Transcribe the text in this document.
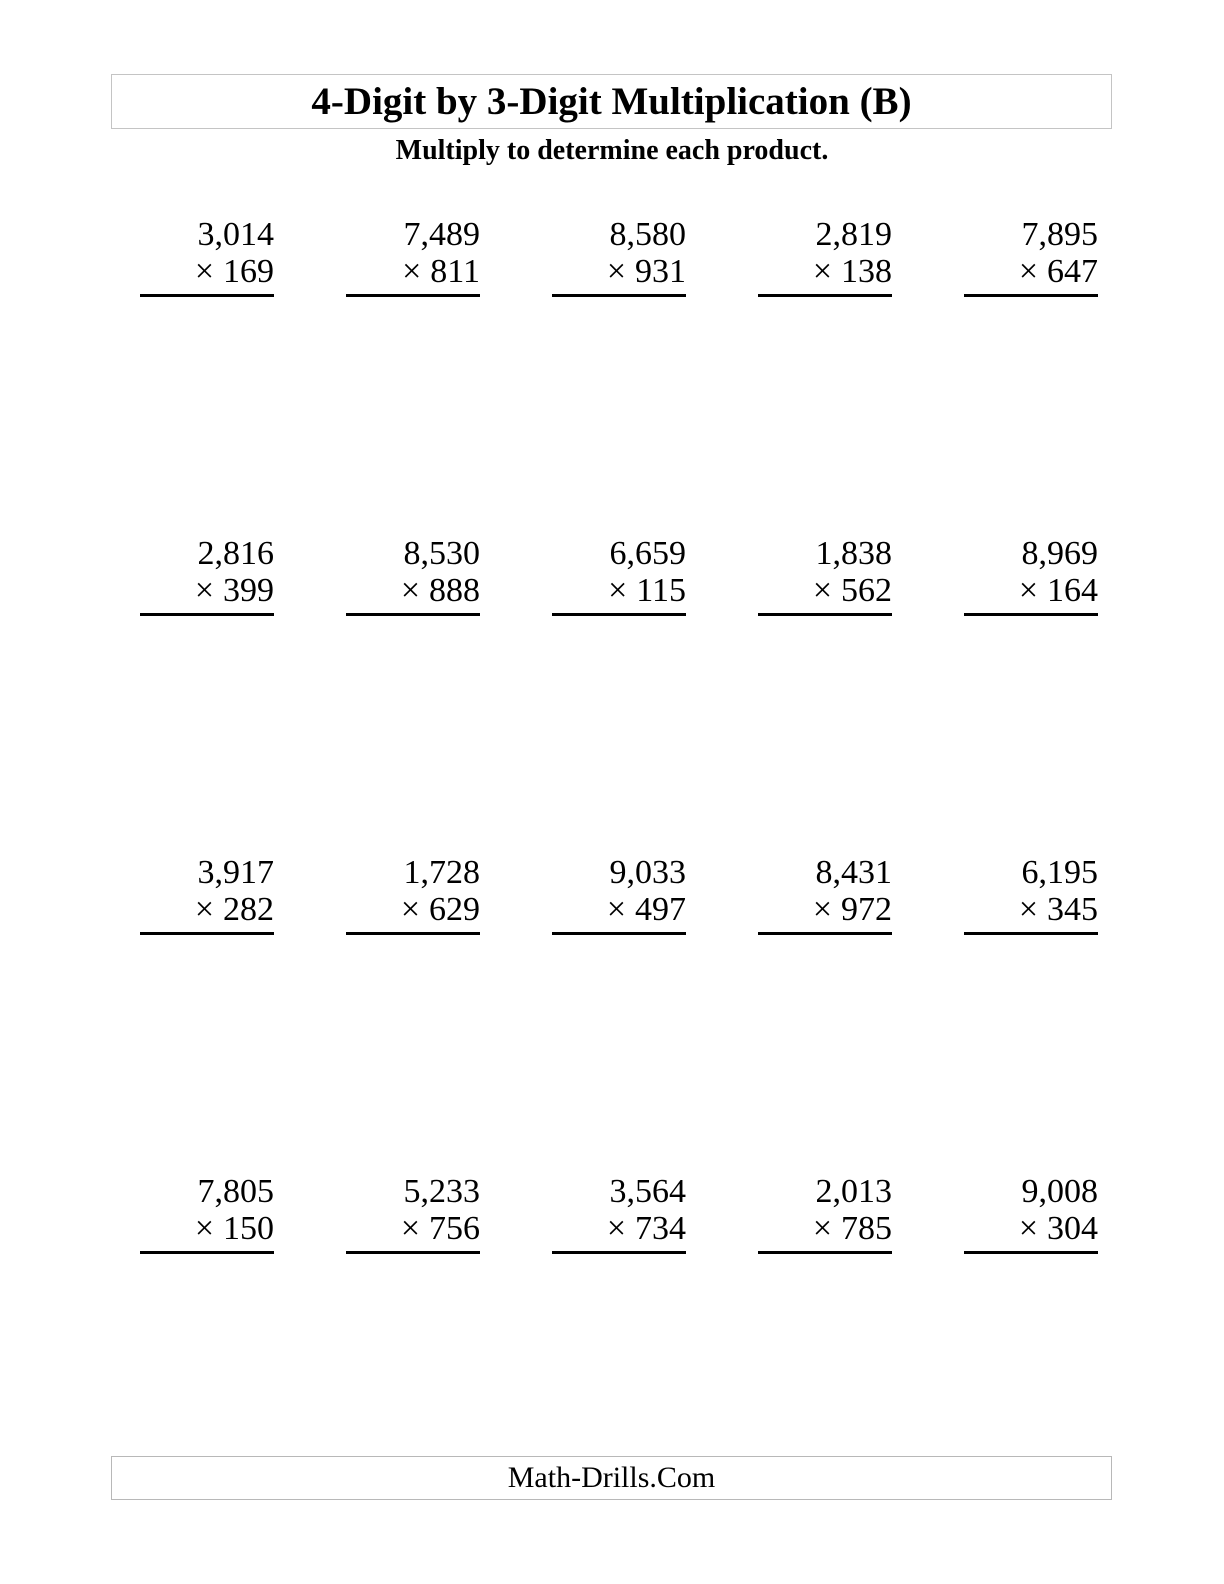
4-Digit by 3-Digit Multiplication (B)
Multiply to determine each product.
3,014
× 169
7,489
× 811
8,580
× 931
2,819
× 138
7,895
× 647
2,816
× 399
8,530
× 888
6,659
× 115
1,838
× 562
8,969
× 164
3,917
× 282
1,728
× 629
9,033
× 497
8,431
× 972
6,195
× 345
7,805
× 150
5,233
× 756
3,564
× 734
2,013
× 785
9,008
× 304
Math-Drills.Com
